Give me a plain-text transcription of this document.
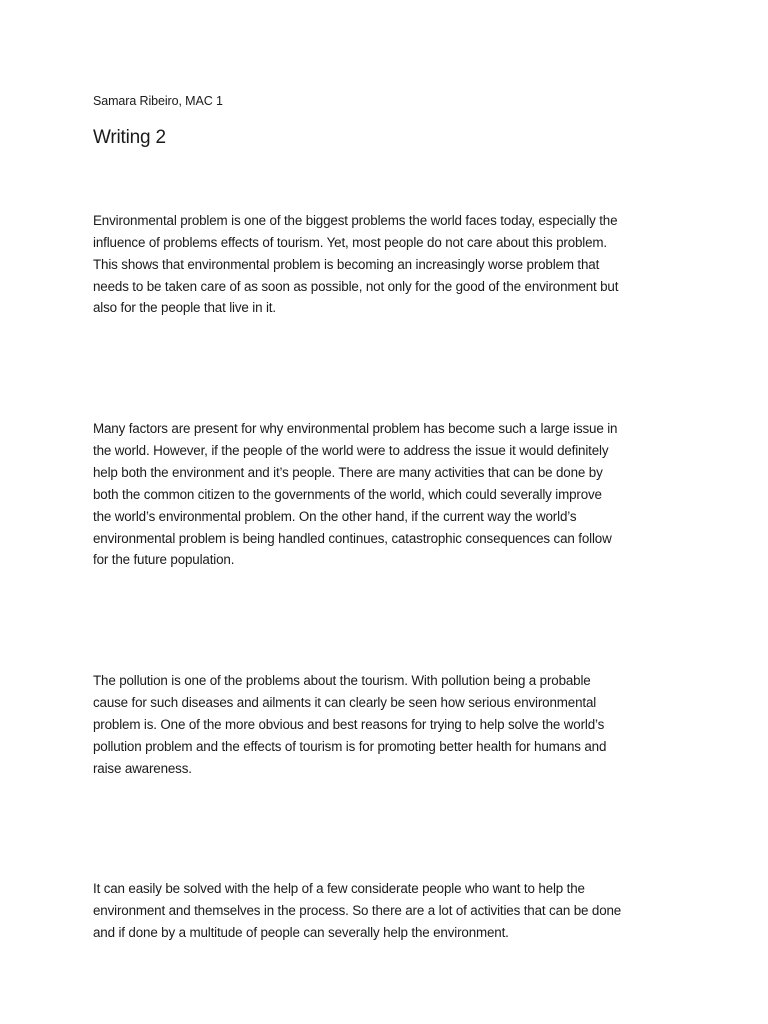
Samara Ribeiro, MAC 1
Writing 2

Environmental problem is one of the biggest problems the world faces today, especially the
influence of problems effects of tourism. Yet, most people do not care about this problem.
This shows that environmental problem is becoming an increasingly worse problem that
needs to be taken care of as soon as possible, not only for the good of the environment but
also for the people that live in it.

Many factors are present for why environmental problem has become such a large issue in
the world. However, if the people of the world were to address the issue it would definitely
help both the environment and it’s people. There are many activities that can be done by
both the common citizen to the governments of the world, which could severally improve
the world’s environmental problem. On the other hand, if the current way the world’s
environmental problem is being handled continues, catastrophic consequences can follow
for the future population.

The pollution is one of the problems about the tourism. With pollution being a probable
cause for such diseases and ailments it can clearly be seen how serious environmental
problem is. One of the more obvious and best reasons for trying to help solve the world’s
pollution problem and the effects of tourism is for promoting better health for humans and
raise awareness.

It can easily be solved with the help of a few considerate people who want to help the
environment and themselves in the process. So there are a lot of activities that can be done
and if done by a multitude of people can severally help the environment.
